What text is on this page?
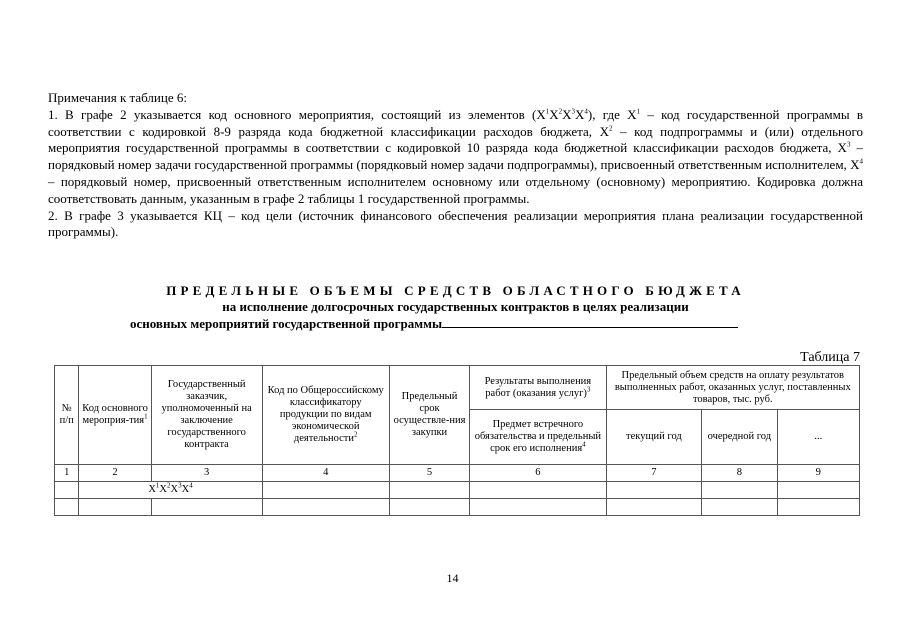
Примечания к таблице 6:

1. В графе 2 указывается код основного мероприятия, состоящий из элементов $(X^1X^2X^3X^4)$, где $X^1$ – код государственной программы в соответствии с кодировкой 8-9 разряда кода бюджетной классификации расходов бюджета, $X^2$ – код подпрограммы и (или) отдельного мероприятия государственной программы в соответствии с кодировкой 10 разряда кода бюджетной классификации расходов бюджета, $X^3$ – порядковый номер задачи государственной программы (порядковый номер задачи подпрограммы), присвоенный ответственным исполнителем, $X^4$ – порядковый номер, присвоенный ответственным исполнителем основному или отдельному (основному) мероприятию. Кодировка должна соответствовать данным, указанным в графе 2 таблицы 1 государственной программы.

2. В графе 3 указывается КЦ – код цели (источник финансового обеспечения реализации мероприятия плана реализации государственной программы).

ПРЕДЕЛЬНЫЕ ОБЪЕМЫ СРЕДСТВ ОБЛАСТНОГО БЮДЖЕТА
на исполнение долгосрочных государственных контрактов в целях реализации
основных мероприятий государственной программы
Таблица 7
№ п/п	Код основного мероприя-тия$^1$	Государственный заказчик, уполномоченный на заключение государственного контракта	Код по Общероссийскому классификатору продукции по видам экономической деятельности$^2$	Предельный срок осуществле-ния закупки	Результаты выполнения работ (оказания услуг)$^3$	Предельный объем средств на оплату результатов выполненных работ, оказанных услуг, поставленных товаров, тыс. руб.		
					Предмет встречного обязательства и предельный срок его исполнения$^4$	текущий год	очередной год	...
1	2	3	4	5	6	7	8	9
	$X^1X^2X^3X^4$						

14
